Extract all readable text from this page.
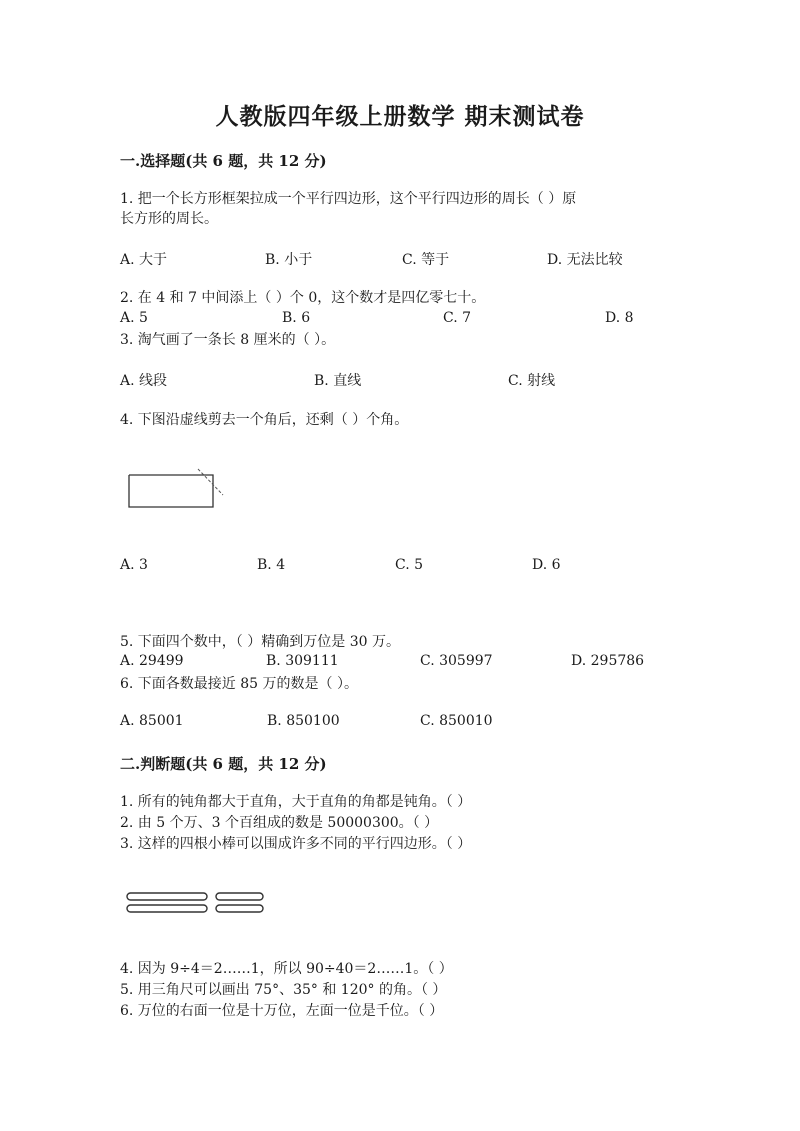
人教版四年级上册数学 期末测试卷
一.选择题(共 6 题，共 12 分)
1. 把一个长方形框架拉成一个平行四边形，这个平行四边形的周长（ ）原
长方形的周长。
A. 大于	B. 小于	C. 等于	D. 无法比较
2. 在 4 和 7 中间添上（ ）个 0，这个数才是四亿零七十。
A. 5	B. 6	C. 7	D. 8
3. 淘气画了一条长 8 厘米的（ ）。
A. 线段	B. 直线	C. 射线
4. 下图沿虚线剪去一个角后，还剩（ ）个角。
A. 3	B. 4	C. 5	D. 6
5. 下面四个数中，（ ）精确到万位是 30 万。
A. 29499	B. 309111	C. 305997	D. 295786
6. 下面各数最接近 85 万的数是（ ）。
A. 85001	B. 850100	C. 850010
二.判断题(共 6 题，共 12 分)
1. 所有的钝角都大于直角，大于直角的角都是钝角。（ ）
2. 由 5 个万、3 个百组成的数是 50000300。（ ）
3. 这样的四根小棒可以围成许多不同的平行四边形。（ ）
4. 因为 9÷4＝2……1，所以 90÷40＝2……1。（ ）
5. 用三角尺可以画出 75°、35° 和 120° 的角。（ ）
6. 万位的右面一位是十万位，左面一位是千位。（ ）
